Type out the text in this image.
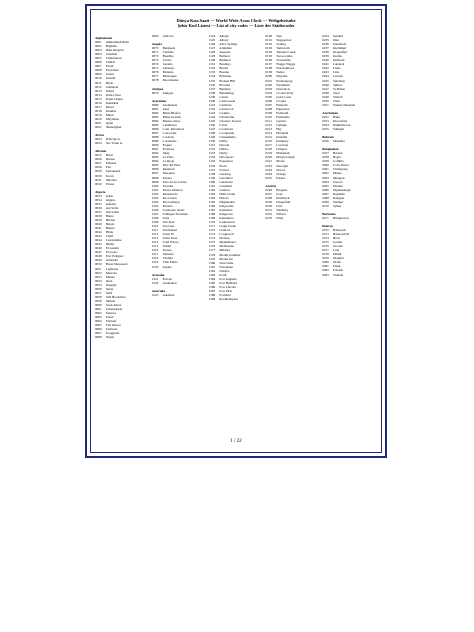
Dünya Kısa Saati --- World Wide Acası Clock --- Weltgebetsuhr
Şehir Kod Listesi --- List of city codes --- Liste der Städtecodes
Afghanistan
0001 Ahmedshah Baba
0002 Baghlan
0003 Baki Khuyub
0004 Charikar
0005 Chakcharan
0006 Chitral
0007 Farah
0008 Fayzabad
0009 Gazni
0010 Ghazni
0011 Herat
0012 Jalalabad
0013 Kabul
0014 Kala-i-Nau
0015 Kalat-i-Pakh
0016 Kandahar
0017 Khost
0018 Kunduz
0019 Mazar
0020 Maymana
0021 Qalat
0022 Sheberghan
Africa
0023 Principe is.
0024 Sao Tome is.
Albania
0025 Berat
0026 Durres
0027 Elbasan
0028 Fier
0029 Gjirokaster
0030 Korce
0031 Shkoder
0032 Tirana
Algeria
0033 Adrar
0034 Algiers
0035 Annaba
0036 Ain Sefra
0037 Ain Salah
0038 Batna
0039 Bechar
0040 Bejaia
0041 Biskra
0042 Blida
0043 Chlef
0044 Constantine
0045 Djelfa
0046 El Asnam
0047 El Golea
0048 Fort Polignac
0049 Ghardaia
0050 Hassi Messaoud
0051 Laghouat
0052 Mascara
0053 Medea
0054 Oran
0055 Ouargla
0056 Saida
0057 Setif
0058 Sidi Bel Abbes
0059 Skikda
0060 Souk Ahras
0061 Tamanrasset
0062 Tebessa
0063 Tiaret
0064 Tindouf
0065 Tizi Ouzou
0066 Tlemcen
0067 Touggourt
0068 Oujda
0069 Andorra
Angola
0070 Benguela
0071 Cabinda
0072 Huambo
0073 Lobito
0074 Luanda
0075 Lubango
0076 Malanje
0077 Menongue
0078 Mocamedes
Antigua
0079 Antigua
Argentina
0080 Avellaneda
0081 Azul
0082 Bahia Blanca
0083 Bahia Grande
0084 Buenos Aires
0085 Catamarca
0086 Com. Rivadavia
0087 Concordia
0088 Cordoba
0089 Corrientes
0090 Esquel
0091 Formosa
0092 Jujuy
0093 La Plata
0094 La Rioja
0095 Mar del Plata
0096 Mendoza
0097 Neuquen
0098 Parana
0099 Paso de los Libres
0100 Posadas
0101 Puerto Madryn
0102 Resistencia
0103 Rio Cuarto
0104 Rio Gallegos
0105 Rosario
0106 S.Antonio Oeste
0107 S.Miguel Tucuman
0108 Salta
0109 San Juan
0110 San Luis
0111 San Rafael
0112 Santa Fe
0113 Santa Rosa
0114 S.del Estero
0115 Tandil
0116 Trelew
0117 Ushuaia
0118 Viedma
0119 Villa Maria
0120 Zapala
Armenia
0121 Erevan
0122 Leninakan
Australia
0123 Adelaide
0124 Albany
0125 Albury
0126 Alice Springs
0127 Armidale
0128 Augusta
0129 Ballarat
0130 Bathurst
0131 Bendigo
0132 Boulia
0133 Bourke
0134 Brisbane
0135 Broken Hill
0136 Broome
0137 Bunbury
0138 Bundaberg
0139 Cairns
0140 Camooweal
0141 Canberra
0142 Carnarvon
0143 Ceduna
0144 Charleville
0145 Charters Towers
0146 Cobar
0147 Cooktown
0148 Coolgardie
0149 Cunnamulla
0150 Dalby
0151 Darwin
0152 Dubbo
0153 Derby
0154 Devonport
0155 Esperance
0156 Eucla
0157 Forrest
0158 Geelong
0159 Geraldton
0160 Gladstone
0161 Goulburn
0162 Grafton
0163 Halls Creek
0164 Hobart
0165 Hughenden
0166 Kalgoorlie
0167 Katherine
0168 Kingscote
0169 Kununurra
0170 Launceston
0171 Leigh Creek
0172 Lismore
0173 Longreach
0174 Mackay
0175 Meekatharra
0176 Melbourne
0177 Mildura
0178 Mount Gambier
0179 Mount Isa
0180 Newcastle
0181 Norseman
0182 Onslow
0183 Perth
0184 Port Augusta
0185 Port Hedland
0186 Port Lincoln
0187 Port Pirie
0188 Portland
0189 Rockhampton
0190 Sale
0191 Shepparton
0192 Sydney
0193 Tamworth
0194 Tennant Creek
0195 Toowoomba
0196 Townsville
0197 Wagga Wagga
0198 Warrnambool
0199 Weipa
0200 Whyalla
0201 Wollongong
0202 Wyndham
0203 Norfolk Is.
0204 Coober Pedy
0205 Gold Coast
0206 Cooma
0207 Emerald
0208 Esperance
0209 Exmouth
0210 Fremantle
0211 Gawler
0212 Gympie
0213 Hay
0214 Horsham
0215 Innisfail
0216 Kempsey
0217 Laverton
0218 Lithgow
0219 Mandurah
0220 Maryborough
0221 Moree
0222 Narrogin
0223 Nowra
0224 Orange
0225 Parkes
Austria
0226 Bregenz
0227 Graz
0228 Innsbruck
0229 Klagenfurt
0230 Linz
0231 Salzburg
0232 Villach
0233 Wien
0234 Gmünd
0235 Imst
0236 Innsbruck
0237 Kitzbühel
0238 Klagenfurt
0239 Krems
0240 Kufstein
0241 Landeck
0242 Lienz
0243 Linz
0244 Leoben
0245 Salzburg
0246 Spittal
0247 St.Pölten
0248 Steyr
0249 Villach
0250 Wien
0251 Wiener Neustadt
Azerbaijan
0252 Baku
0253 Kirovabad
0254 Nakhichevan
0255 Sumgait
Bahrain
0256 Manama
Bangladesh
0257 Barisal
0258 Bogra
0259 Comilla
0260 Cox's Bazar
0261 Chittagong
0262 Dhaka
0263 Dinajpur
0264 Jessore
0265 Khulna
0266 Mymensingh
0267 Rajshahi
0268 Rangpur
0269 Saidpur
0270 Sylhet
Barbados
0271 Bridgetown
Belarus
0272 Babruysk
0273 Baranovichi
0274 Brest
0275 Gomel
0276 Grodno
0277 Lida
0278 Minsk
0279 Mogilev
0280 Orsha
0281 Pinsk
0282 Polotsk
0283 Vitebsk
1 / 22
